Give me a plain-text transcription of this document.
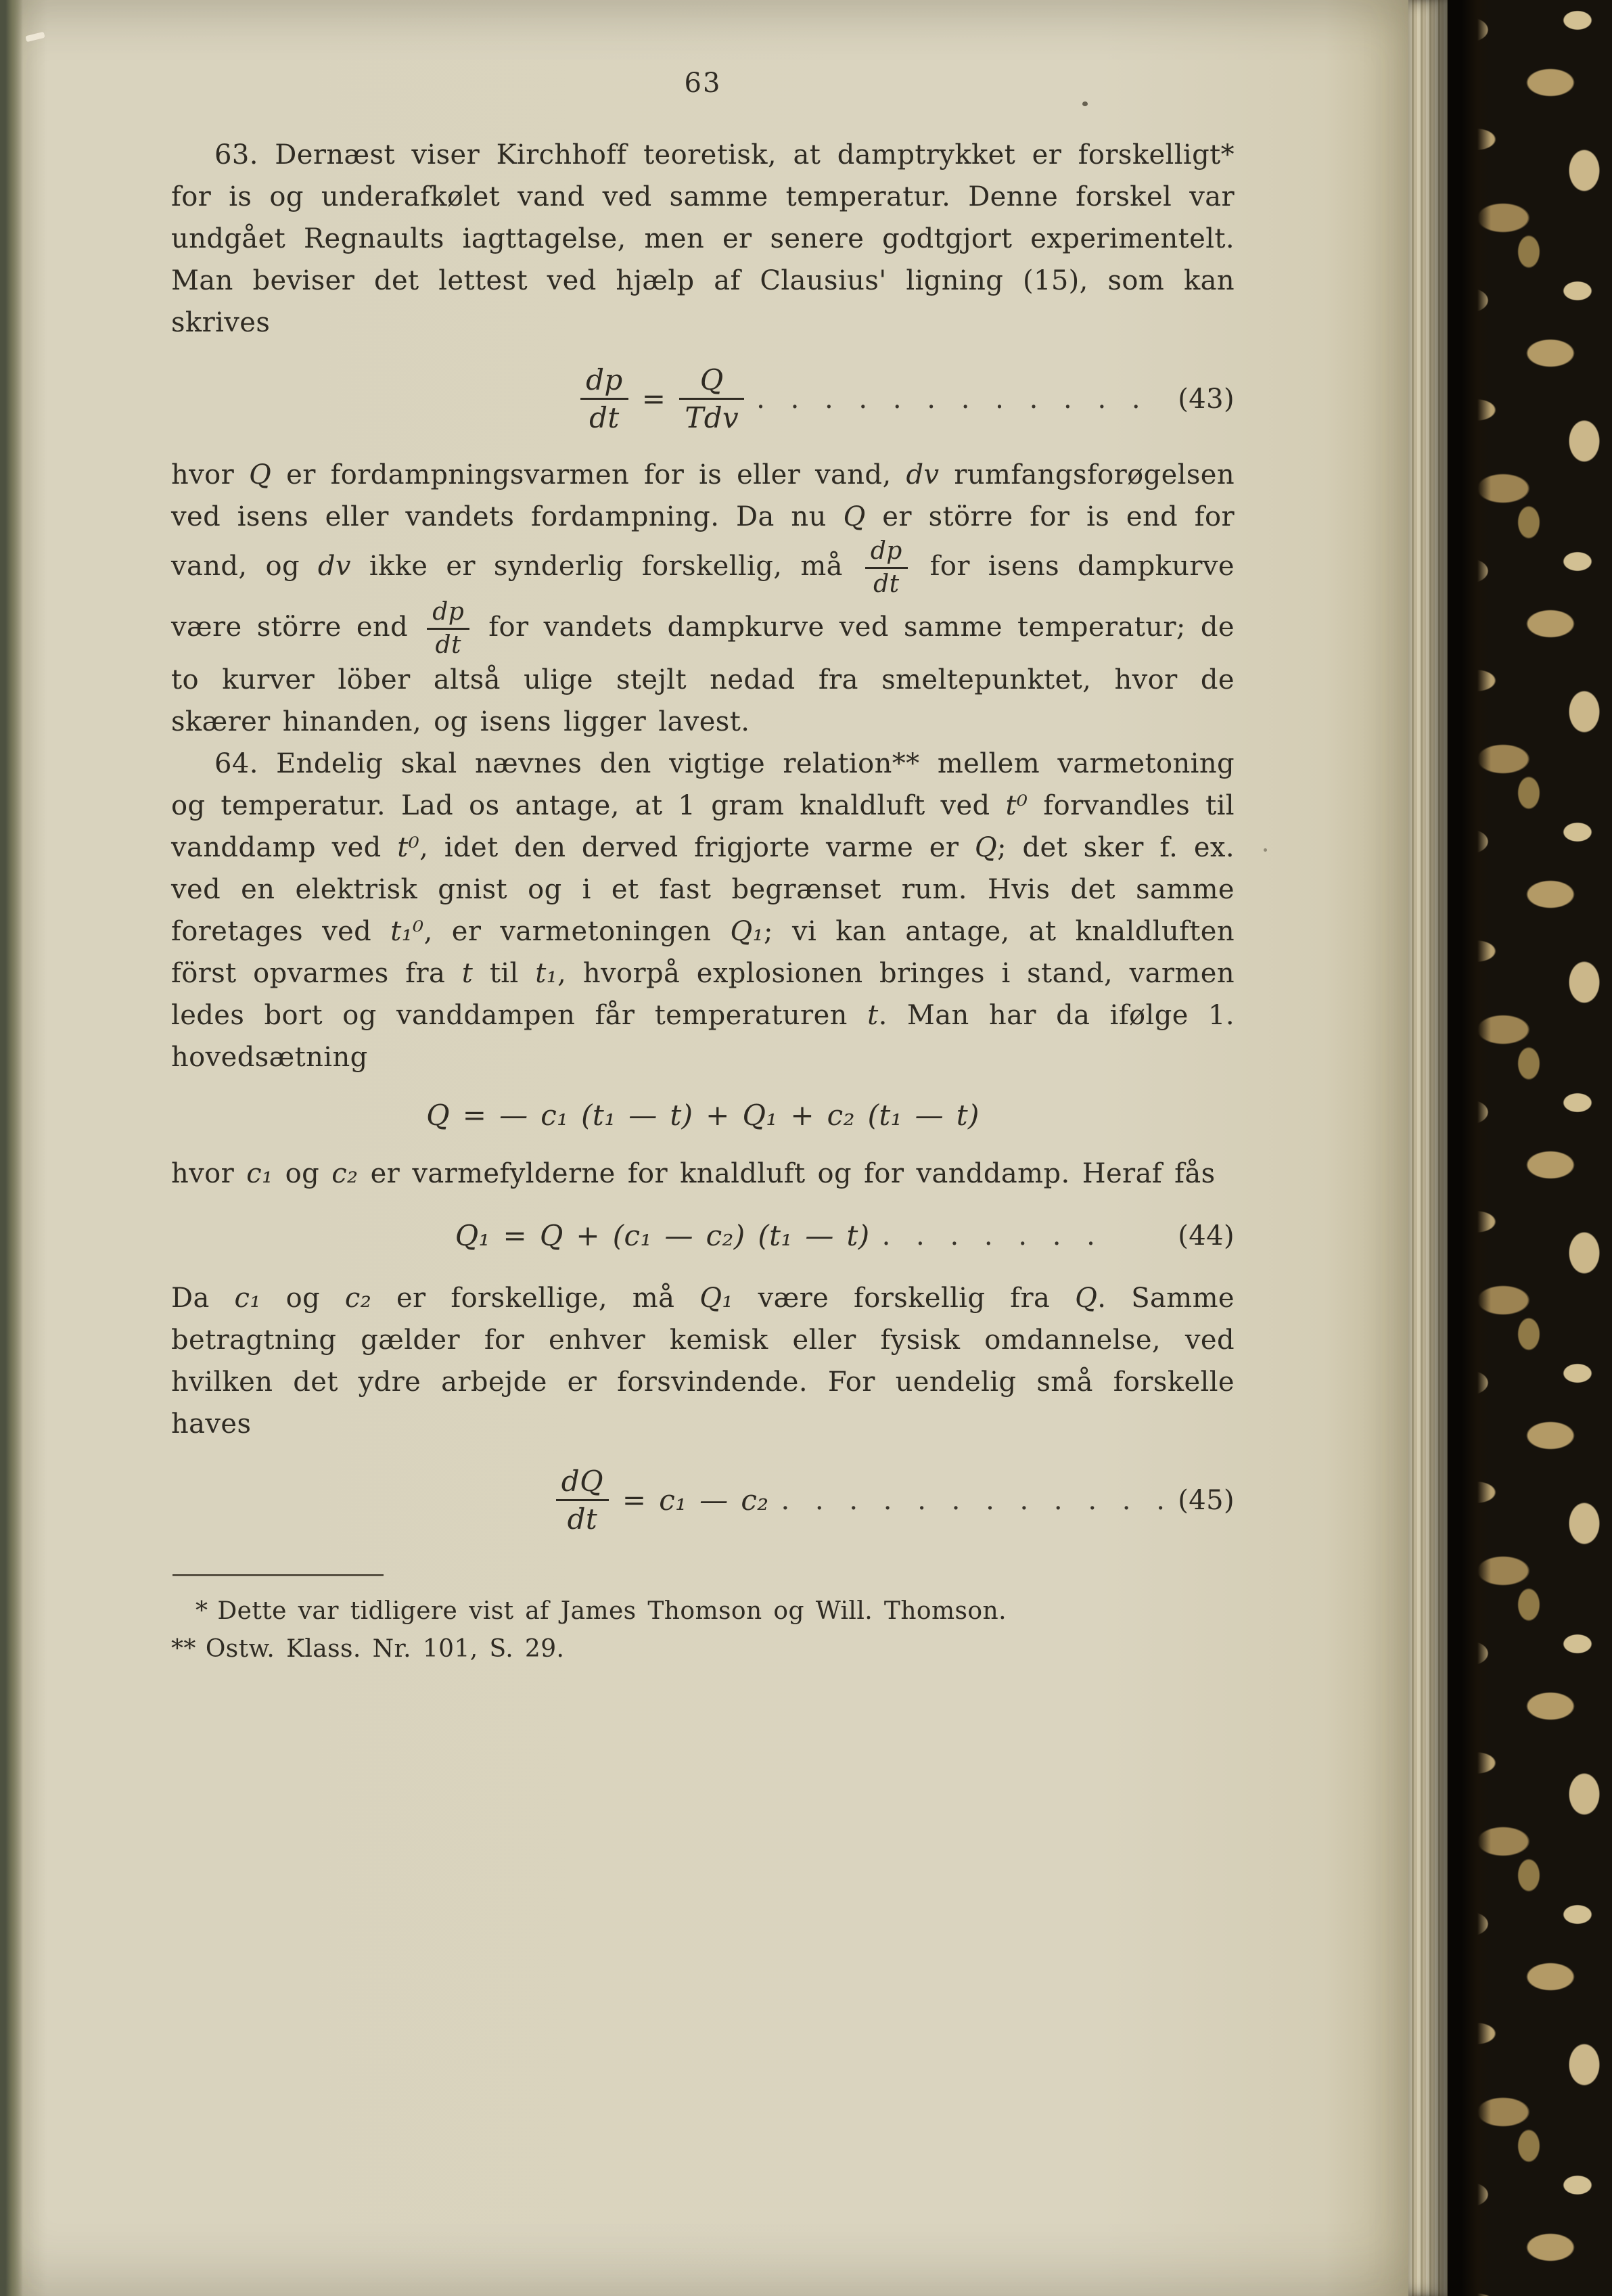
63

63. Dernæst viser Kirchhoff teoretisk, at damptrykket er forskelligt* for is og underafkølet vand ved samme temperatur. Denne forskel var undgået Regnaults iagttagelse, men er senere godtgjort experimentelt. Man beviser det lettest ved hjælp af Clausius' ligning (15), som kan skrives

$\frac{dp}{dt} = \frac{Q}{\text{Tdv}}$ . . . . . . . . . . . .	(43)

hvor Q er fordampningsvarmen for is eller vand, dv rumfangsforøgelsen ved isens eller vandets fordampning. Da nu Q er större for is end for vand, og dv ikke er synderlig forskellig, må $\frac{dp}{dt}$ for isens dampkurve være större end $\frac{dp}{dt}$ for vandets dampkurve ved samme temperatur; de to kurver löber altså ulige stejlt nedad fra smeltepunktet, hvor de skærer hinanden, og isens ligger lavest.

64. Endelig skal nævnes den vigtige relation** mellem varmetoning og temperatur. Lad os antage, at 1 gram knaldluft ved t⁰ forvandles til vanddamp ved t⁰, idet den derved frigjorte varme er Q; det sker f. ex. ved en elektrisk gnist og i et fast begrænset rum. Hvis det samme foretages ved t₁⁰, er varmetoningen Q₁; vi kan antage, at knaldluften först opvarmes fra t til t₁, hvorpå explosionen bringes i stand, varmen ledes bort og vanddampen får temperaturen t. Man har da ifølge 1. hovedsætning

Q = — c₁ (t₁ — t) + Q₁ + c₂ (t₁ — t)

hvor c₁ og c₂ er varmefylderne for knaldluft og for vanddamp. Heraf fås

Q₁ = Q + (c₁ — c₂) (t₁ — t) . . . . . . .	(44)

Da c₁ og c₂ er forskellige, må Q₁ være forskellig fra Q. Samme betragtning gælder for enhver kemisk eller fysisk omdannelse, ved hvilken det ydre arbejde er forsvindende. For uendelig små forskelle haves

$\frac{dQ}{dt} = c_1$ — c₂ . . . . . . . . . . . . (45)

* Dette var tidligere vist af James Thomson og Will. Thomson.

** Ostw. Klass. Nr. 101, S. 29.
